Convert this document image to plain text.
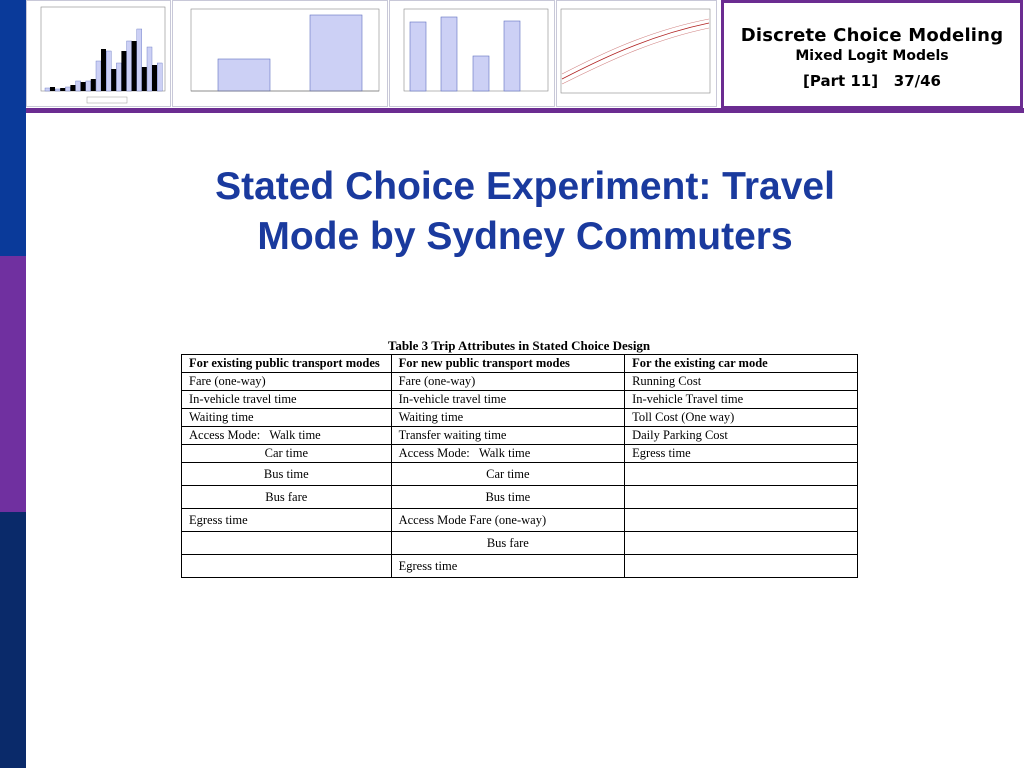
Discrete Choice Modeling
Mixed Logit Models
[Part 11] 37/46
Stated Choice Experiment: Travel
Mode by Sydney Commuters
Table 3 Trip Attributes in Stated Choice Design
For existing public transport modes	For new public transport modes	For the existing car mode
Fare (one-way)	Fare (one-way)	Running Cost
In-vehicle travel time	In-vehicle travel time	In-vehicle Travel time
Waiting time	Waiting time	Toll Cost (One way)
Access Mode:   Walk time	Transfer waiting time	Daily Parking Cost
Car time	Access Mode:   Walk time	Egress time
Bus time	Car time	
Bus fare	Bus time	
Egress time	Access Mode Fare (one-way)	
	Bus fare	
	Egress time	
